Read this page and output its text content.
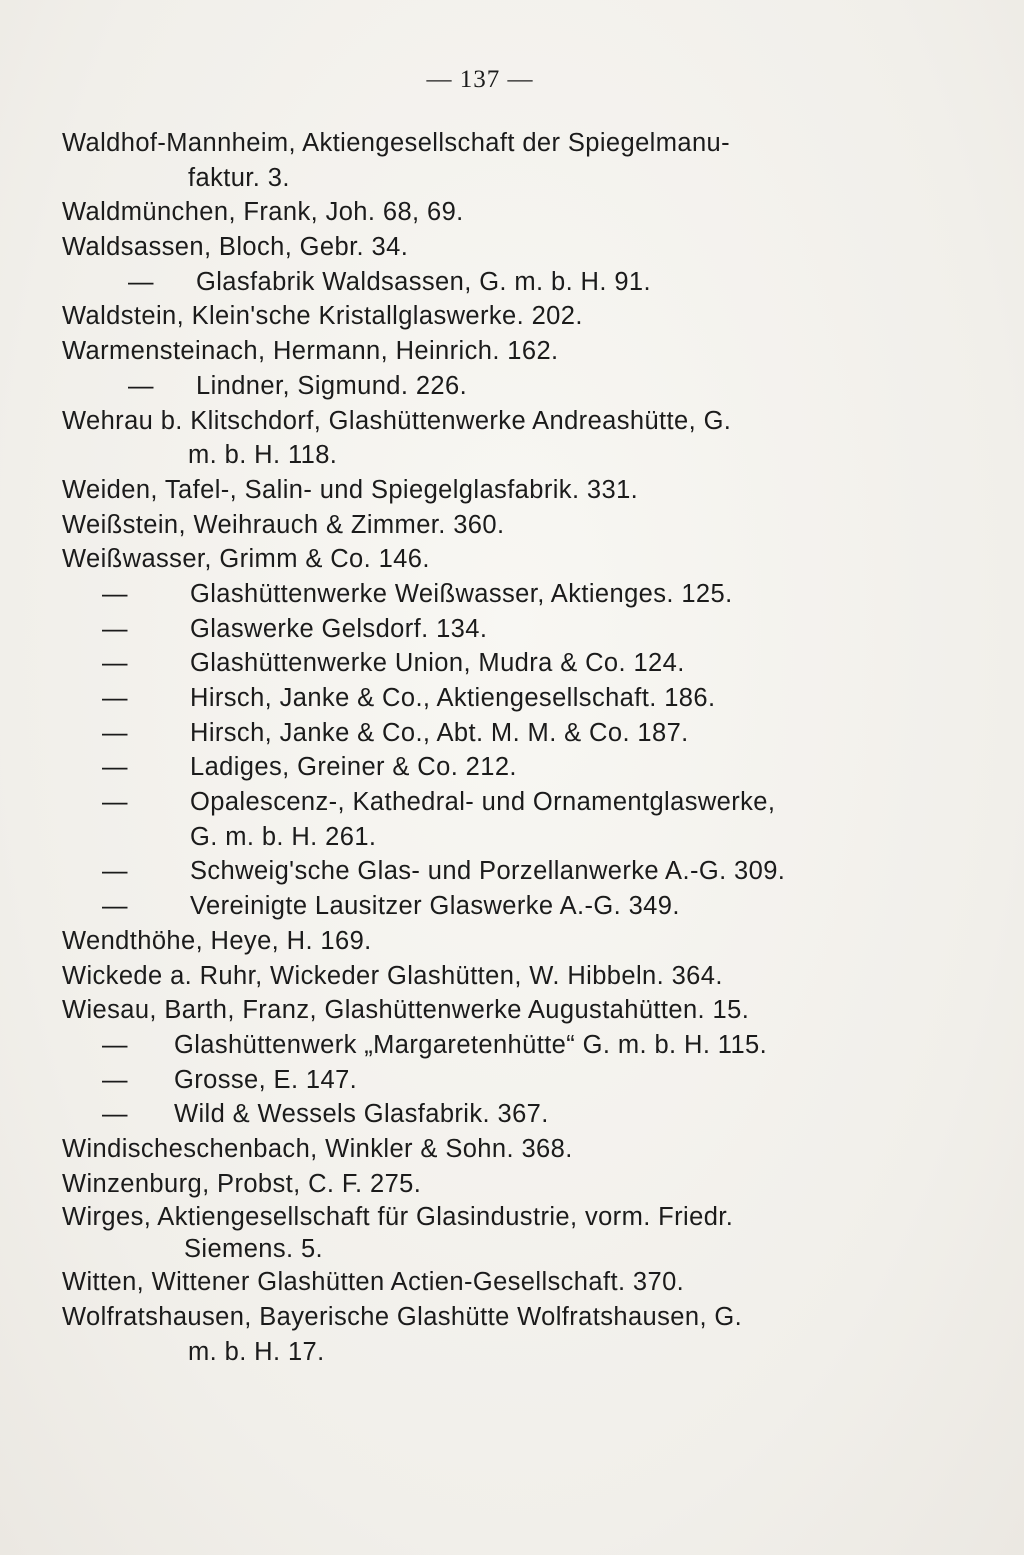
— 137 —
Waldhof-Mannheim, Aktiengesellschaft der Spiegelmanu-
faktur. 3.
Waldmünchen, Frank, Joh. 68, 69.
Waldsassen, Bloch, Gebr. 34.
— Glasfabrik Waldsassen, G. m. b. H. 91.
Waldstein, Klein'sche Kristallglaswerke. 202.
Warmensteinach, Hermann, Heinrich. 162.
— Lindner, Sigmund. 226.
Wehrau b. Klitschdorf, Glashüttenwerke Andreashütte, G.
m. b. H. 118.
Weiden, Tafel-, Salin- und Spiegelglasfabrik. 331.
Weißstein, Weihrauch & Zimmer. 360.
Weißwasser, Grimm & Co. 146.
— Glashüttenwerke Weißwasser, Aktienges. 125.
— Glaswerke Gelsdorf. 134.
— Glashüttenwerke Union, Mudra & Co. 124.
— Hirsch, Janke & Co., Aktiengesellschaft. 186.
— Hirsch, Janke & Co., Abt. M. M. & Co. 187.
— Ladiges, Greiner & Co. 212.
— Opalescenz-, Kathedral- und Ornamentglaswerke,
G. m. b. H. 261.
— Schweig'sche Glas- und Porzellanwerke A.-G. 309.
— Vereinigte Lausitzer Glaswerke A.-G. 349.
Wendthöhe, Heye, H. 169.
Wickede a. Ruhr, Wickeder Glashütten, W. Hibbeln. 364.
Wiesau, Barth, Franz, Glashüttenwerke Augustahütten. 15.
— Glashüttenwerk „Margaretenhütte“ G. m. b. H. 115.
— Grosse, E. 147.
— Wild & Wessels Glasfabrik. 367.
Windischeschenbach, Winkler & Sohn. 368.
Winzenburg, Probst, C. F. 275.
Wirges, Aktiengesellschaft für Glasindustrie, vorm. Friedr.
Siemens. 5.
Witten, Wittener Glashütten Actien-Gesellschaft. 370.
Wolfratshausen, Bayerische Glashütte Wolfratshausen, G.
m. b. H. 17.
